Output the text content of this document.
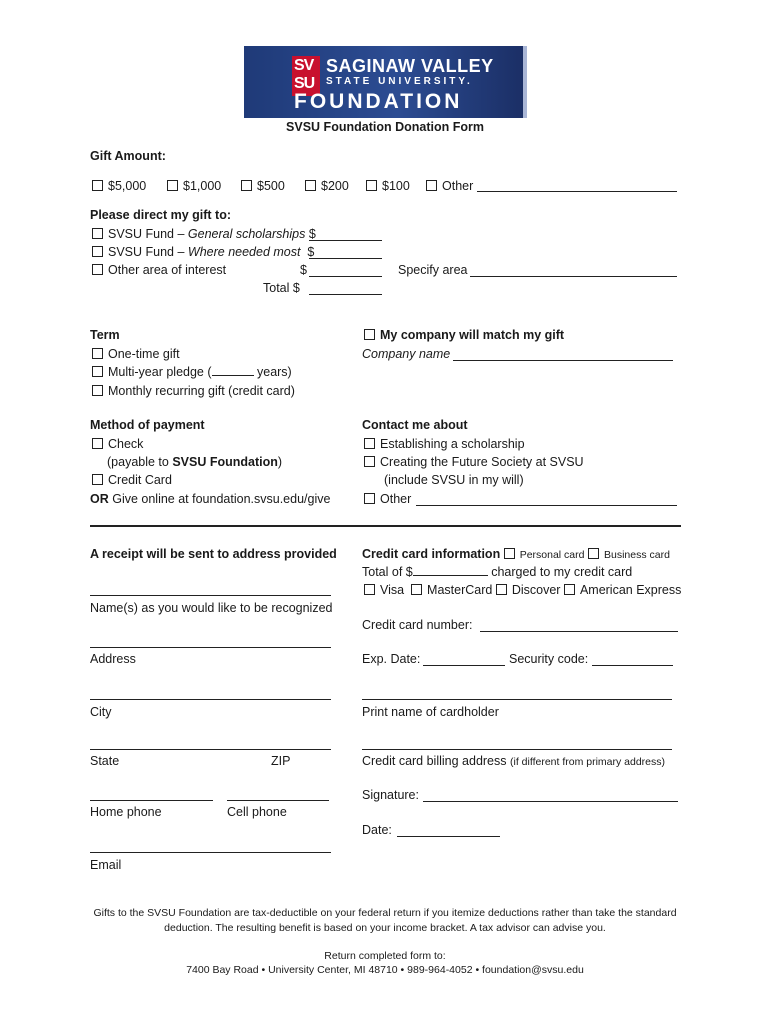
SV
SU
SAGINAW VALLEY
STATE UNIVERSITY.
FOUNDATION
SVSU Foundation Donation Form
Gift Amount:
$5,000	$1,000	$500	$200	$100	Other
Please direct my gift to:
SVSU Fund – General scholarships $
SVSU Fund – Where needed most $
Other area of interest	$	Specify area
Total $
Term
One-time gift
Multi-year pledge (	years)
Monthly recurring gift (credit card)
My company will match my gift
Company name
Method of payment
Check
(payable to SVSU Foundation)
Credit Card
OR Give online at foundation.svsu.edu/give
Contact me about
Establishing a scholarship
Creating the Future Society at SVSU
(include SVSU in my will)
Other
A receipt will be sent to address provided
Name(s) as you would like to be recognized
Address
City
State	ZIP
Home phone	Cell phone
Email
Credit card information Personal card Business card
Total of $	charged to my credit card
Visa MasterCard Discover American Express
Credit card number:
Exp. Date:	Security code:
Print name of cardholder
Credit card billing address (if different from primary address)
Signature:
Date:
Gifts to the SVSU Foundation are tax-deductible on your federal return if you itemize deductions rather than take the standard
deduction. The resulting benefit is based on your income bracket. A tax advisor can advise you.
Return completed form to:
7400 Bay Road • University Center, MI 48710 • 989-964-4052 • foundation@svsu.edu
